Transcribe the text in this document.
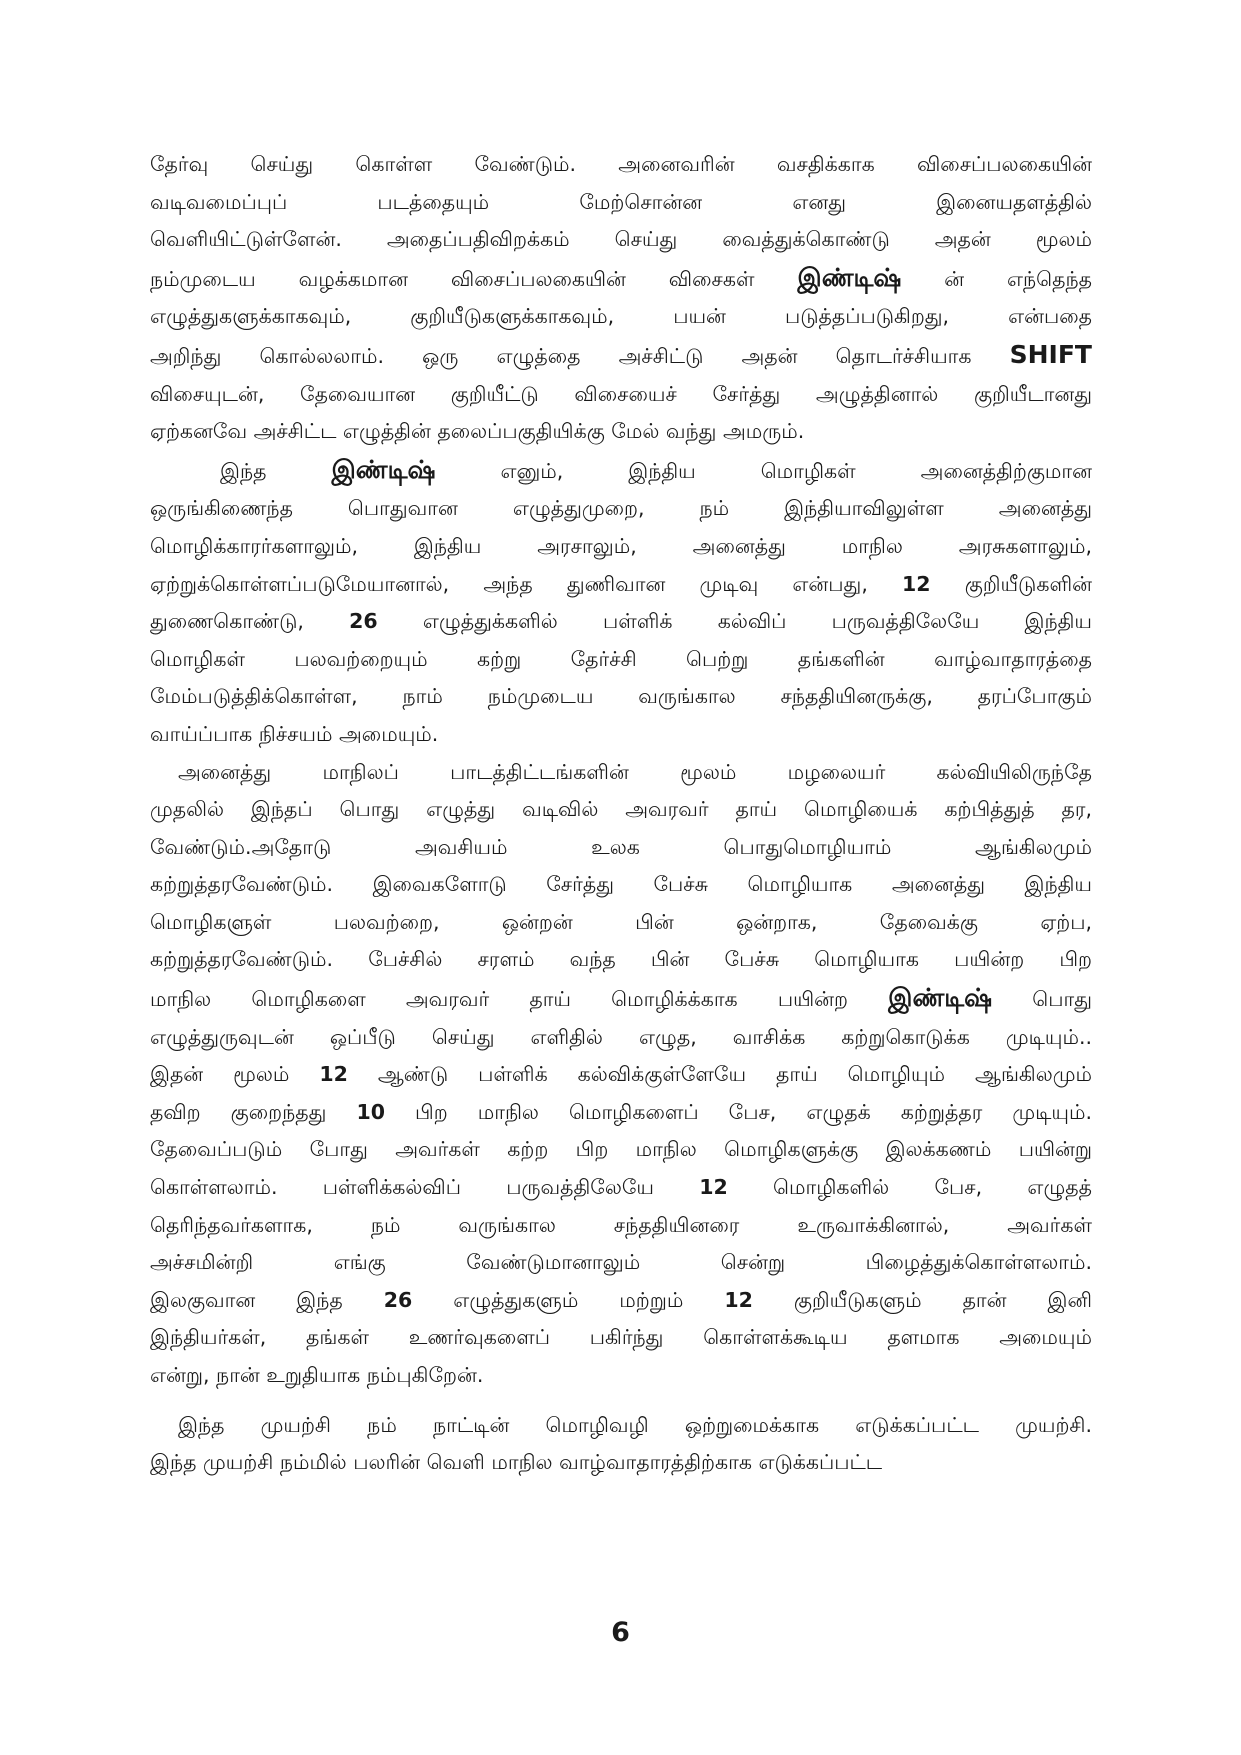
தேர்வு செய்து கொள்ள வேண்டும். அனைவரின் வசதிக்காக விசைப்பலகையின்
வடிவமைப்புப் படத்தையும் மேற்சொன்ன எனது இனையதளத்தில்
வெளியிட்டுள்ளேன். அதைப்பதிவிறக்கம் செய்து வைத்துக்கொண்டு அதன் மூலம்
நம்முடைய வழக்கமான விசைப்பலகையின் விசைகள் இண்டிஷ் ன் எந்தெந்த
எழுத்துகளுக்காகவும், குறியீடுகளுக்காகவும், பயன் படுத்தப்படுகிறது, என்பதை
அறிந்து கொல்லலாம். ஒரு எழுத்தை அச்சிட்டு அதன் தொடர்ச்சியாக SHIFT
விசையுடன், தேவையான குறியீட்டு விசையைச் சேர்த்து அழுத்தினால் குறியீடானது
ஏற்கனவே அச்சிட்ட எழுத்தின் தலைப்பகுதியிக்கு மேல் வந்து அமரும்.

இந்த இண்டிஷ் எனும், இந்திய மொழிகள் அனைத்திற்குமான
ஒருங்கிணைந்த பொதுவான எழுத்துமுறை, நம் இந்தியாவிலுள்ள அனைத்து
மொழிக்காரர்களாலும், இந்திய அரசாலும், அனைத்து மாநில அரசுகளாலும்,
ஏற்றுக்கொள்ளப்படுமேயானால், அந்த துணிவான முடிவு என்பது, 12 குறியீடுகளின்
துணைகொண்டு, 26 எழுத்துக்களில் பள்ளிக் கல்விப் பருவத்திலேயே இந்திய
மொழிகள் பலவற்றையும் கற்று தேர்ச்சி பெற்று தங்களின் வாழ்வாதாரத்தை
மேம்படுத்திக்கொள்ள, நாம் நம்முடைய வருங்கால சந்ததியினருக்கு, தரப்போகும்
வாய்ப்பாக நிச்சயம் அமையும்.

அனைத்து மாநிலப் பாடத்திட்டங்களின் மூலம் மழலையர் கல்வியிலிருந்தே
முதலில் இந்தப் பொது எழுத்து வடிவில் அவரவர் தாய் மொழியைக் கற்பித்துத் தர,
வேண்டும்.அதோடு அவசியம் உலக பொதுமொழியாம் ஆங்கிலமும்
கற்றுத்தரவேண்டும். இவைகளோடு சேர்த்து பேச்சு மொழியாக அனைத்து இந்திய
மொழிகளுள் பலவற்றை, ஒன்றன் பின் ஒன்றாக, தேவைக்கு ஏற்ப,
கற்றுத்தரவேண்டும். பேச்சில் சரளம் வந்த பின் பேச்சு மொழியாக பயின்ற பிற
மாநில மொழிகளை அவரவர் தாய் மொழிக்க்காக பயின்ற இண்டிஷ் பொது
எழுத்துருவுடன் ஒப்பீடு செய்து எளிதில் எழுத, வாசிக்க கற்றுகொடுக்க முடியும்..
இதன் மூலம் 12 ஆண்டு பள்ளிக் கல்விக்குள்ளேயே தாய் மொழியும் ஆங்கிலமும்
தவிற குறைந்தது 10 பிற மாநில மொழிகளைப் பேச, எழுதக் கற்றுத்தர முடியும்.
தேவைப்படும் போது அவர்கள் கற்ற பிற மாநில மொழிகளுக்கு இலக்கணம் பயின்று
கொள்ளலாம். பள்ளிக்கல்விப் பருவத்திலேயே 12 மொழிகளில் பேச, எழுதத்
தெரிந்தவர்களாக, நம் வருங்கால சந்ததியினரை உருவாக்கினால், அவர்கள்
அச்சமின்றி எங்கு வேண்டுமானாலும் சென்று பிழைத்துக்கொள்ளலாம்.
இலகுவான இந்த 26 எழுத்துகளும் மற்றும் 12 குறியீடுகளும் தான் இனி
இந்தியர்கள், தங்கள் உணர்வுகளைப் பகிர்ந்து கொள்ளக்கூடிய தளமாக அமையும்
என்று, நான் உறுதியாக நம்புகிறேன்.

இந்த முயற்சி நம் நாட்டின் மொழிவழி ஒற்றுமைக்காக எடுக்கப்பட்ட முயற்சி.
இந்த முயற்சி நம்மில் பலரின் வெளி மாநில வாழ்வாதாரத்திற்காக எடுக்கப்பட்ட

6
